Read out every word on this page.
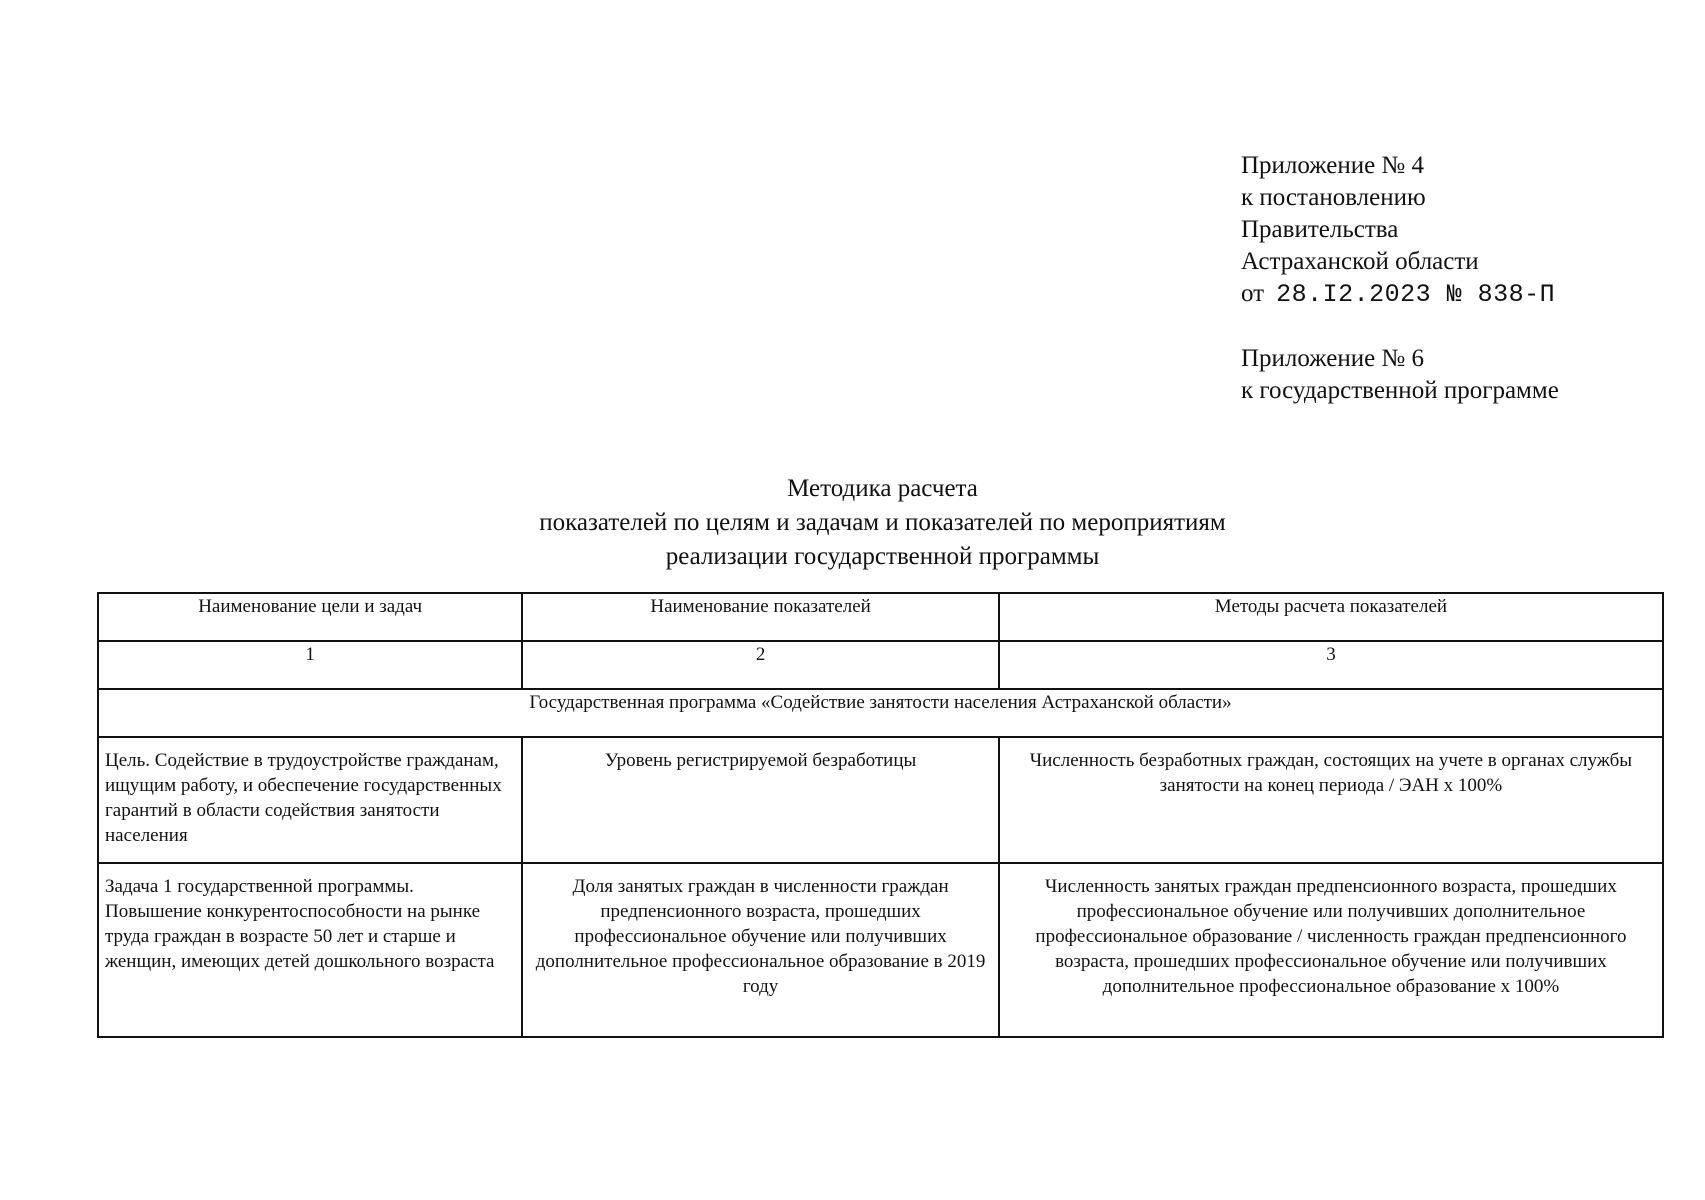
Приложение № 4
к постановлению
Правительства
Астраханской области
от 28.I2.2023 № 838-П
Приложение № 6
к государственной программе
Методика расчета
показателей по целям и задачам и показателей по мероприятиям
реализации государственной программы
Наименование цели и задач	Наименование показателей	Методы расчета показателей
1	2	3
Государственная программа «Содействие занятости населения Астраханской области»		
Цель. Содействие в трудоустройстве гражданам, ищущим работу, и обеспечение государственных гарантий в области содействия занятости населения	Уровень регистрируемой безработицы	Численность безработных граждан, состоящих на учете в органах службы занятости на конец периода / ЭАН х 100%
Задача 1 государственной программы. Повышение конкурентоспособности на рынке труда граждан в возрасте 50 лет и старше и женщин, имеющих детей дошкольного возраста	Доля занятых граждан в численности граждан предпенсионного возраста, прошедших профессиональное обучение или получивших дополнительное профессиональное образование в 2019 году	Численность занятых граждан предпенсионного возраста, прошедших профессиональное обучение или получивших дополнительное профессиональное образование / численность граждан предпенсионного возраста, прошедших профессиональное обучение или получивших дополнительное профессиональное образование х 100%
